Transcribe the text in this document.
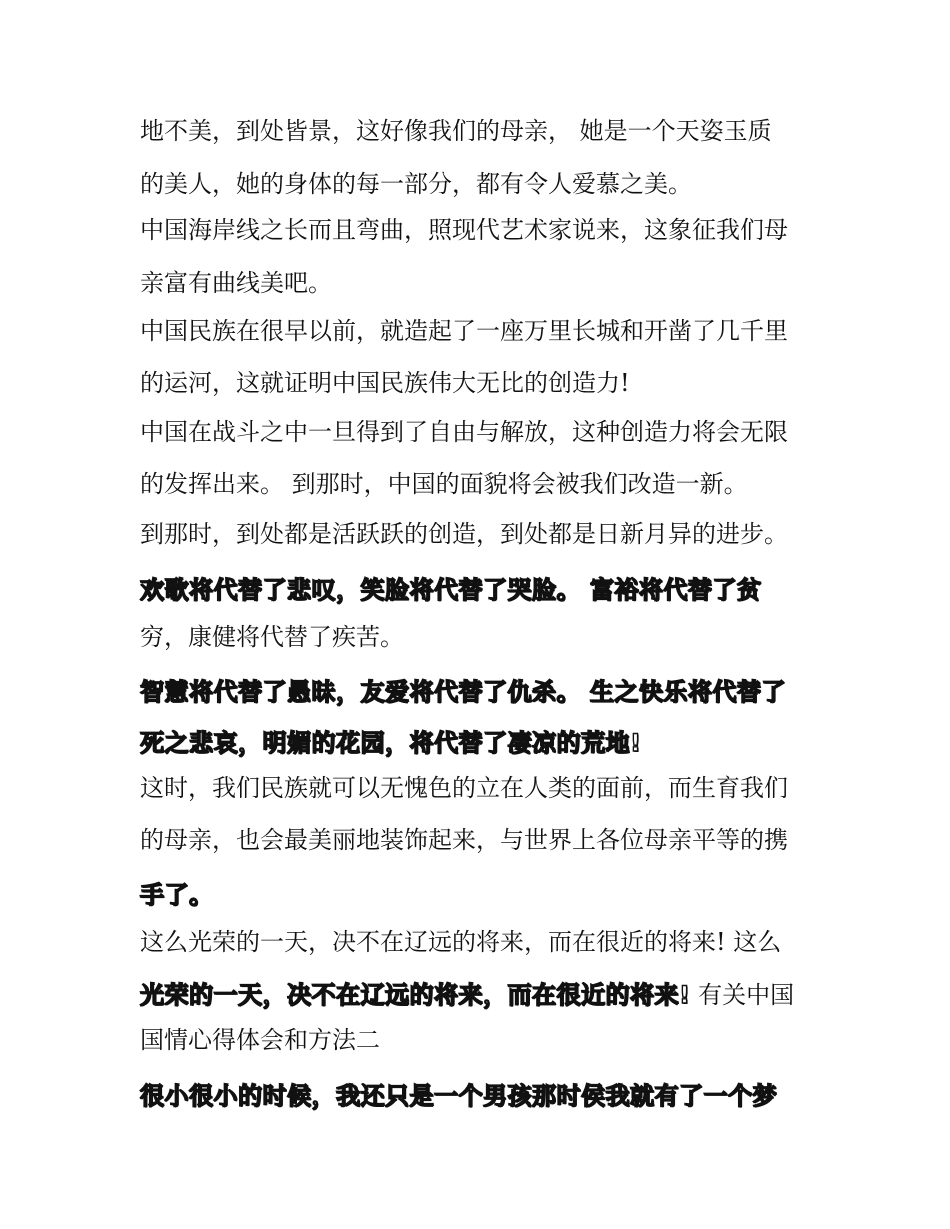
地不美，到处皆景，这好像我们的母亲， 她是一个天姿玉质
的美人，她的身体的每一部分，都有令人爱慕之美。
中国海岸线之长而且弯曲，照现代艺术家说来，这象征我们母
亲富有曲线美吧。
中国民族在很早以前，就造起了一座万里长城和开凿了几千里
的运河，这就证明中国民族伟大无比的创造力!
中国在战斗之中一旦得到了自由与解放，这种创造力将会无限
的发挥出来。 到那时，中国的面貌将会被我们改造一新。
到那时，到处都是活跃跃的创造，到处都是日新月异的进步。
欢歌将代替了悲叹，笑脸将代替了哭脸。 富裕将代替了贫
穷，康健将代替了疾苦。
智慧将代替了愚昧，友爱将代替了仇杀。 生之快乐将代替了
死之悲哀，明媚的花园，将代替了凄凉的荒地!
这时，我们民族就可以无愧色的立在人类的面前，而生育我们
的母亲，也会最美丽地装饰起来，与世界上各位母亲平等的携
手了。
这么光荣的一天，决不在辽远的将来，而在很近的将来! 这么
光荣的一天，决不在辽远的将来，而在很近的将来! 有关中国
国情心得体会和方法二
很小很小的时候，我还只是一个男孩那时侯我就有了一个梦
